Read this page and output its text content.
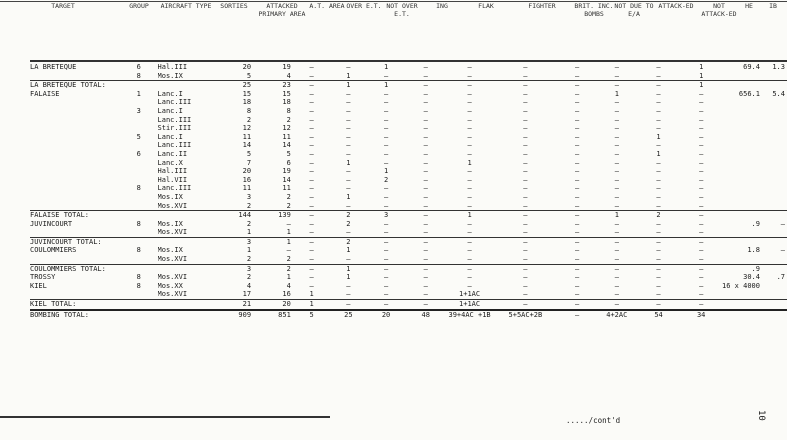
TARGET	GROUP	AIRCRAFT TYPE	SORTIES	ATTACKED PRIMARY AREA
A.T. AREA OVER E.T. NOT OVER E.T.
ING	FLAK	FIGHTER	BRIT. INC. BOMBS
NOT DUE TO E/A
ATTACK-ED	NOT ATTACK-ED
HE	IB
LA BRETEQUE	6	Hal.III	20	19	–	–	1	–	–	–	–	–	–	1	69.4	1.3
	8	Mos.IX	5	4	–	1	–	–	–	–	–	–	–	1		
LA BRETEQUE TOTAL:			25	23	–	1	1	–	–	–	–	–	–	1		
FALAISE	1	Lanc.I	15	15	–	–	–	–	–	–	–	1	–	–	656.1	5.4
		Lanc.III	18	18	–	–	–	–	–	–	–	–	–	–		
	3	Lanc.I	8	8	–	–	–	–	–	–	–	–	–	–		
		Lanc.III	2	2	–	–	–	–	–	–	–	–	–	–		
		Stir.III	12	12	–	–	–	–	–	–	–	–	–	–		
	5	Lanc.I	11	11	–	–	–	–	–	–	–	–	1	–		
		Lanc.III	14	14	–	–	–	–	–	–	–	–	–	–		
	6	Lanc.II	5	5	–	–	–	–	–	–	–	–	1	–		
		Lanc.X	7	6	–	1	–	–	1	–	–	–	–	–		
		Hal.III	20	19	–	–	1	–	–	–	–	–	–	–		
		Hal.VII	16	14	–	–	2	–	–	–	–	–	–	–		
	8	Lanc.III	11	11	–	–	–	–	–	–	–	–	–	–		
		Mos.IX	3	2	–	1	–	–	–	–	–	–	–	–		
		Mos.XVI	2	2	–	–	–	–	–	–	–	–	–	–		
FALAISE TOTAL:			144	139	–	2	3	–	1	–	–	1	2	–		
JUVINCOURT	8	Mos.IX	2	–	–	2	–	–	–	–	–	–	–	–	.9	–
		Mos.XVI	1	1	–	–	–	–	–	–	–	–	–	–		
JUVINCOURT TOTAL:			3	1	–	2	–	–	–	–	–	–	–	–		
COULOMMIERS	8	Mos.IX	1	–	–	1	–	–	–	–	–	–	–	–	1.8	–
		Mos.XVI	2	2	–	–	–	–	–	–	–	–	–	–		
COULOMMIERS TOTAL:			3	2	–	1	–	–	–	–	–	–	–	–	.9	
TROSSY	8	Mos.XVI	2	1	–	1	–	–	–	–	–	–	–	–	30.4	.7
KIEL	8	Mos.XX	4	4	–	–	–	–	–	–	–	–	–	–	16 x 4000	
		Mos.XVI	17	16	1	–	–	–	1+1AC	–	–	–	–	–		
KIEL TOTAL:			21	20	1	–	–	–	1+1AC	–	–	–	–	–		
BOMBING TOTAL:			909	851	5	25	20	48	39+4AC +1B	5+5AC+2B	–	4+2AC	54	34		
...../cont'd	10
